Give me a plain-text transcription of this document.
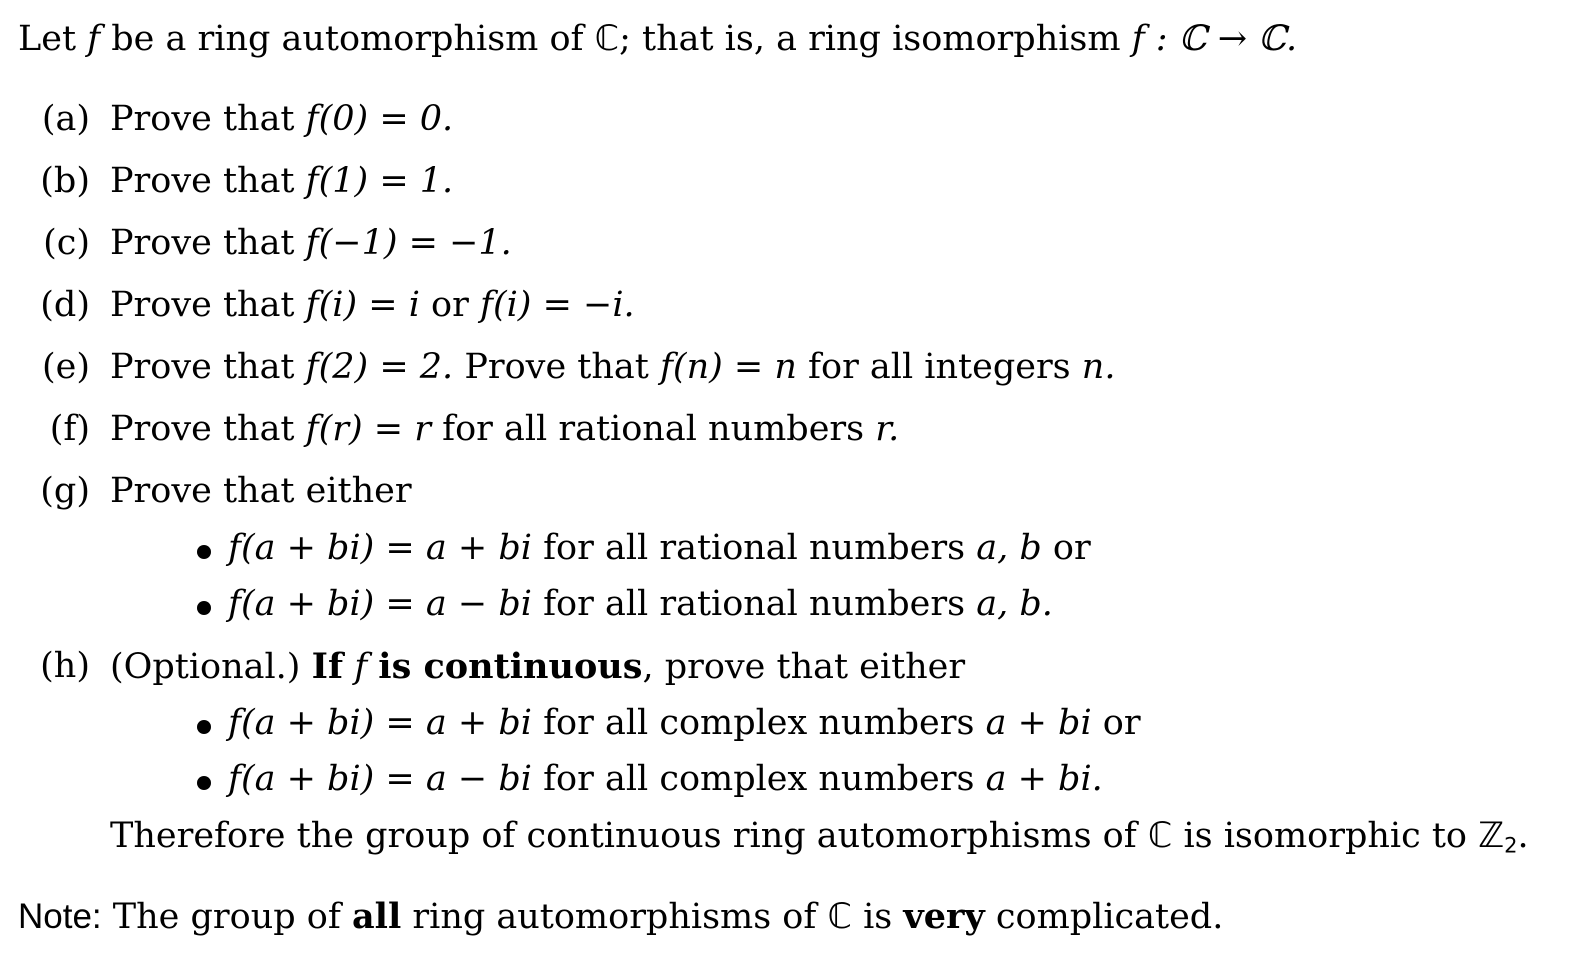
Let f be a ring automorphism of ℂ; that is, a ring isomorphism f : ℂ → ℂ.
(a) Prove that f(0) = 0.
(b) Prove that f(1) = 1.
(c) Prove that f(−1) = −1.
(d) Prove that f(i) = i or f(i) = −i.
(e) Prove that f(2) = 2. Prove that f(n) = n for all integers n.
(f) Prove that f(r) = r for all rational numbers r.
(g) Prove that either
f(a + bi) = a + bi for all rational numbers a, b or
f(a + bi) = a − bi for all rational numbers a, b.
(h) (Optional.) If f is continuous, prove that either
f(a + bi) = a + bi for all complex numbers a + bi or
f(a + bi) = a − bi for all complex numbers a + bi.
Therefore the group of continuous ring automorphisms of ℂ is isomorphic to ℤ$_2$.
Note: The group of all ring automorphisms of ℂ is very complicated.
